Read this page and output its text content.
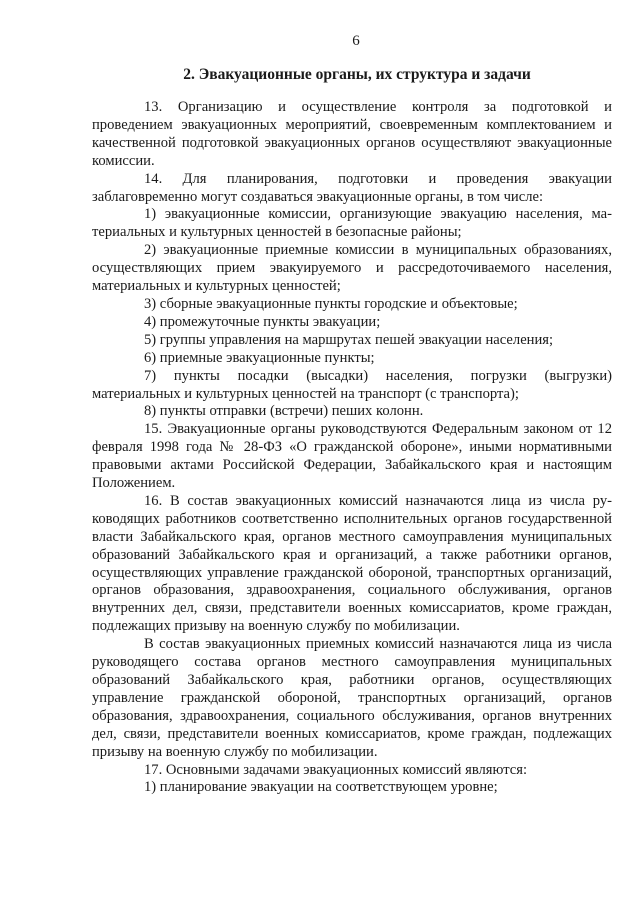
6
2. Эвакуационные органы, их структура и задачи

13. Организацию и осуществление контроля за подготовкой и проведением эвакуационных мероприятий, своевременным комплектованием и качественной подготовкой эвакуационных органов осуществляют эвакуационные комиссии.

14. Для планирования, подготовки и проведения эвакуации заблаговременно могут создаваться эвакуационные органы, в том числе:

1) эвакуационные комиссии, организующие эвакуацию населения, материальных и культурных ценностей в безопасные районы;

2) эвакуационные приемные комиссии в муниципальных образованиях, осуществляющих прием эвакуируемого и рассредоточиваемого населения, материальных и культурных ценностей;

3) сборные эвакуационные пункты городские и объектовые;

4) промежуточные пункты эвакуации;

5) группы управления на маршрутах пешей эвакуации населения;

6) приемные эвакуационные пункты;

7) пункты посадки (высадки) населения, погрузки (выгрузки) материальных и культурных ценностей на транспорт (с транспорта);

8) пункты отправки (встречи) пеших колонн.

15. Эвакуационные органы руководствуются Федеральным законом от 12 февраля 1998 года № 28-ФЗ «О гражданской обороне», иными нормативными правовыми актами Российской Федерации, Забайкальского края и настоящим Положением.

16. В состав эвакуационных комиссий назначаются лица из числа руководящих работников соответственно исполнительных органов государственной власти Забайкальского края, органов местного самоуправления муниципальных образований Забайкальского края и организаций, а также работники органов, осуществляющих управление гражданской обороной, транспортных организаций, органов образования, здравоохранения, социального обслуживания, органов внутренних дел, связи, представители военных комиссариатов, кроме граждан, подлежащих призыву на военную службу по мобилизации.

В состав эвакуационных приемных комиссий назначаются лица из числа руководящего состава органов местного самоуправления муниципальных образований Забайкальского края, работники органов, осуществляющих управление гражданской обороной, транспортных организаций, органов образования, здравоохранения, социального обслуживания, органов внутренних дел, связи, представители военных комиссариатов, кроме граждан, подлежащих призыву на военную службу по мобилизации.

17. Основными задачами эвакуационных комиссий являются:

1) планирование эвакуации на соответствующем уровне;
